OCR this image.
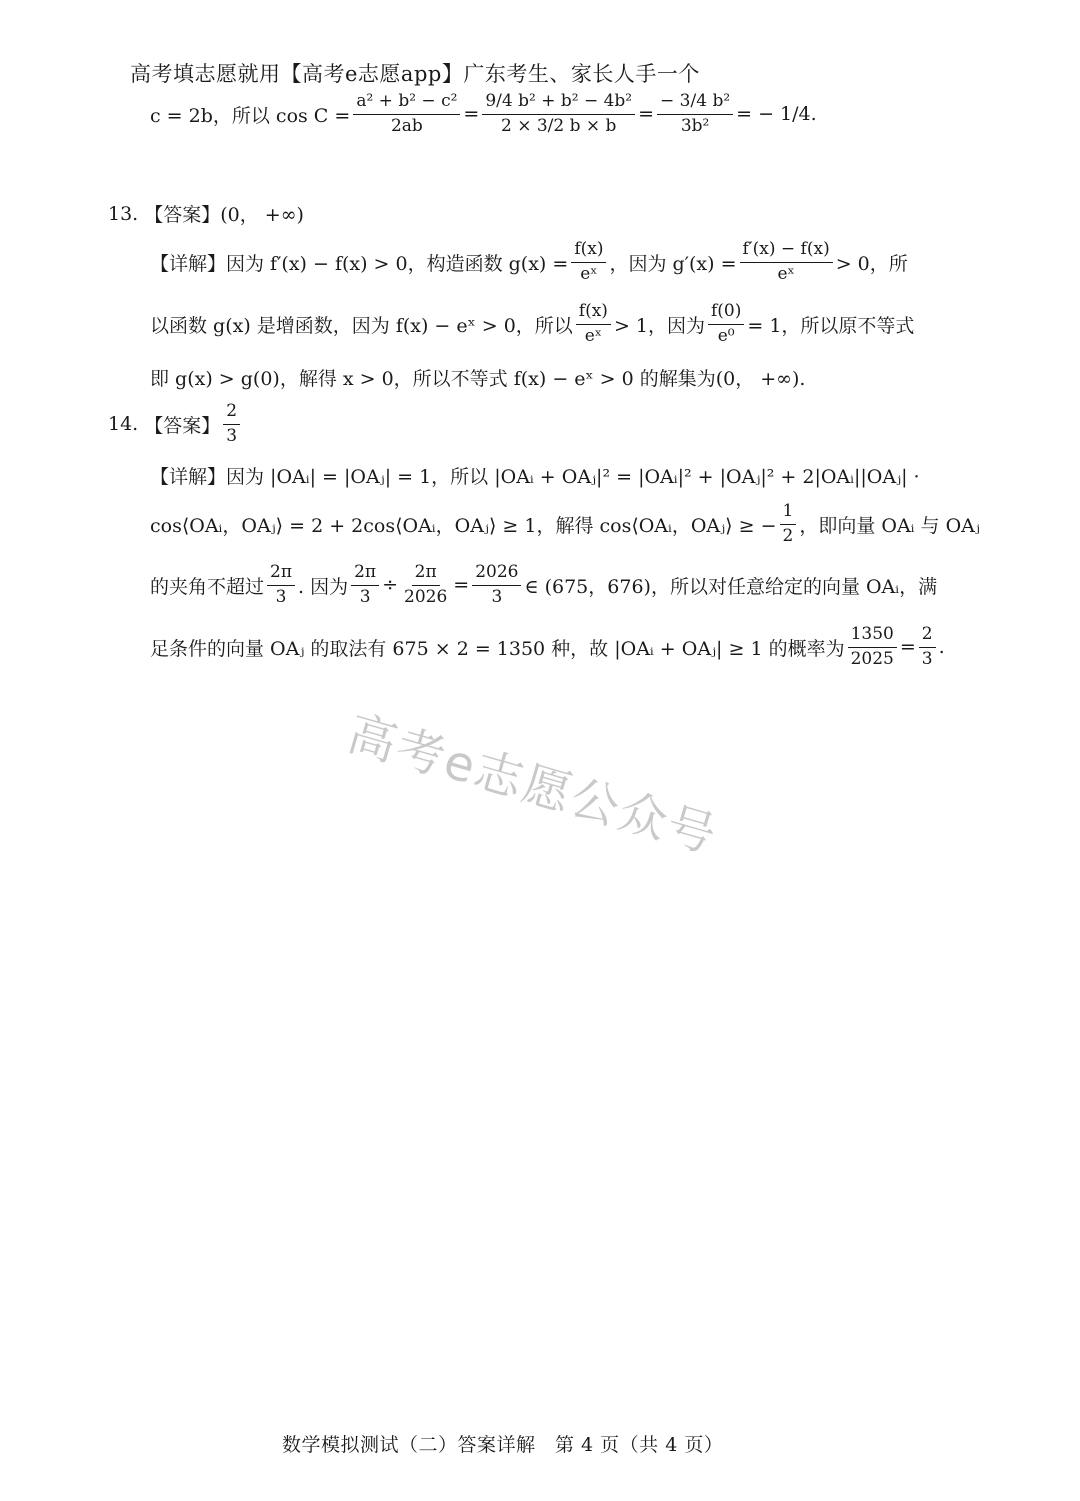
高考填志愿就用【高考e志愿app】广东考生、家长人手一个
c = 2b，所以 $\cos C = \frac{\text{a² + b² − c²}}{2ab} = \frac{\text{9/4 b² + b² − 4b²}}{2 \times 3/2 b \times b} = \frac{\text{− 3/4 b²}}{\text{3b²}}$ = − 1/4.
13. 【答案】 (0， +∞)
【详解】 因为 f′(x) − f(x) > 0，构造函数 $g(x) = \frac{f(x)}{\text{eˣ}}$ ，因为 $g'(x) = \frac{f'(x) - f(x)}{\text{eˣ}} > 0$，所
以函数 g(x) 是增函数，因为 f(x) − eˣ > 0，所以 $\frac{f(x)}{\text{eˣ}} > 1$，因为 $\frac{f(0)}{\text{e⁰}} = 1$，所以原不等式
即 g(x) > g(0)，解得 x > 0，所以不等式 f(x) − eˣ > 0 的解集为(0， +∞).
14. 【答案】 $\frac{2}{3}$
【详解】 因为 |OAᵢ| = |OAⱼ| = 1，所以 |OAᵢ + OAⱼ|² = |OAᵢ|² + |OAⱼ|² + 2|OAᵢ||OAⱼ| ·
cos⟨OAᵢ，OAⱼ⟩ = 2 + 2cos⟨OAᵢ，OAⱼ⟩ ≥ 1，解得 cos⟨OAᵢ，OAⱼ⟩ ≥ − $\frac{1}{2}$ ，即向量 OAᵢ 与 OAⱼ
的夹角不超过 $\frac{2\pi}{3}$ . 因为 $\frac{2\pi}{3} \div \frac{2\pi}{2026} = \frac{2026}{3}$ ∈ (675，676)，所以对任意给定的向量 OAᵢ，满
足条件的向量 OAⱼ 的取法有 675 × 2 = 1350 种，故 |OAᵢ + OAⱼ| ≥ 1 的概率为 $\frac{1350}{2025} = \frac{2}{3}$ .
高考e志愿公众号
数学模拟测试（二）答案详解　第 4 页（共 4 页）
